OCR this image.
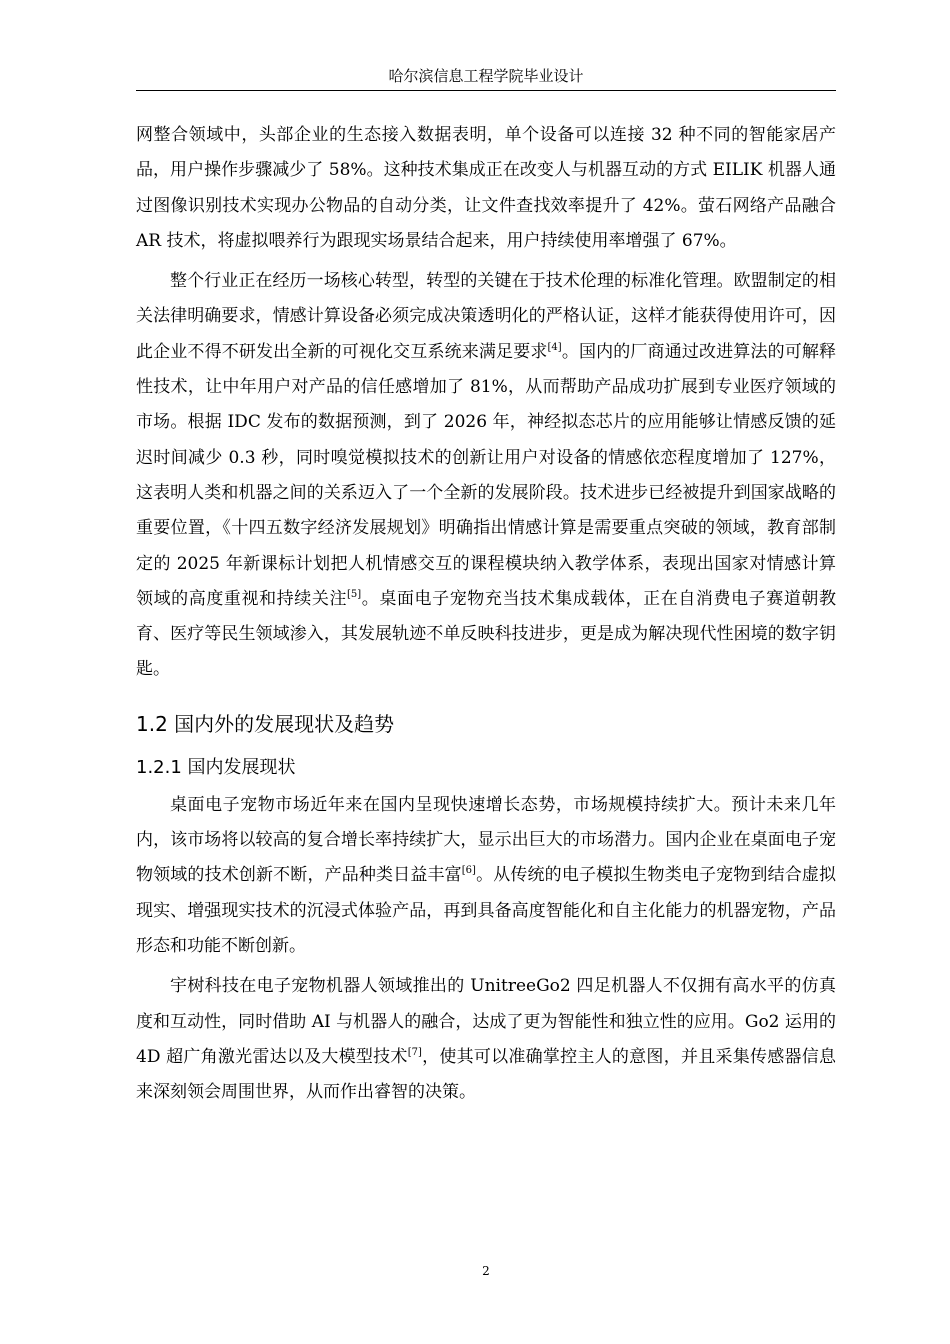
哈尔滨信息工程学院毕业设计

网整合领域中，头部企业的生态接入数据表明，单个设备可以连接 32 种不同的智能家居产品，用户操作步骤减少了 58%。这种技术集成正在改变人与机器互动的方式 EILIK 机器人通过图像识别技术实现办公物品的自动分类，让文件查找效率提升了 42%。萤石网络产品融合 AR 技术，将虚拟喂养行为跟现实场景结合起来，用户持续使用率增强了 67%。

整个行业正在经历一场核心转型，转型的关键在于技术伦理的标准化管理。欧盟制定的相关法律明确要求，情感计算设备必须完成决策透明化的严格认证，这样才能获得使用许可，因此企业不得不研发出全新的可视化交互系统来满足要求[4]。国内的厂商通过改进算法的可解释性技术，让中年用户对产品的信任感增加了 81%，从而帮助产品成功扩展到专业医疗领域的市场。根据 IDC 发布的数据预测，到了 2026 年，神经拟态芯片的应用能够让情感反馈的延迟时间减少 0.3 秒，同时嗅觉模拟技术的创新让用户对设备的情感依恋程度增加了 127%，这表明人类和机器之间的关系迈入了一个全新的发展阶段。技术进步已经被提升到国家战略的重要位置，《十四五数字经济发展规划》明确指出情感计算是需要重点突破的领域，教育部制定的 2025 年新课标计划把人机情感交互的课程模块纳入教学体系，表现出国家对情感计算领域的高度重视和持续关注[5]。桌面电子宠物充当技术集成载体，正在自消费电子赛道朝教育、医疗等民生领域渗入，其发展轨迹不单反映科技进步，更是成为解决现代性困境的数字钥匙。

1.2 国内外的发展现状及趋势
1.2.1 国内发展现状

桌面电子宠物市场近年来在国内呈现快速增长态势，市场规模持续扩大。预计未来几年内，该市场将以较高的复合增长率持续扩大，显示出巨大的市场潜力。国内企业在桌面电子宠物领域的技术创新不断，产品种类日益丰富[6]。从传统的电子模拟生物类电子宠物到结合虚拟现实、增强现实技术的沉浸式体验产品，再到具备高度智能化和自主化能力的机器宠物，产品形态和功能不断创新。

宇树科技在电子宠物机器人领域推出的 UnitreeGo2 四足机器人不仅拥有高水平的仿真度和互动性，同时借助 AI 与机器人的融合，达成了更为智能性和独立性的应用。Go2 运用的 4D 超广角激光雷达以及大模型技术[7]，使其可以准确掌控主人的意图，并且采集传感器信息来深刻领会周围世界，从而作出睿智的决策。

2
